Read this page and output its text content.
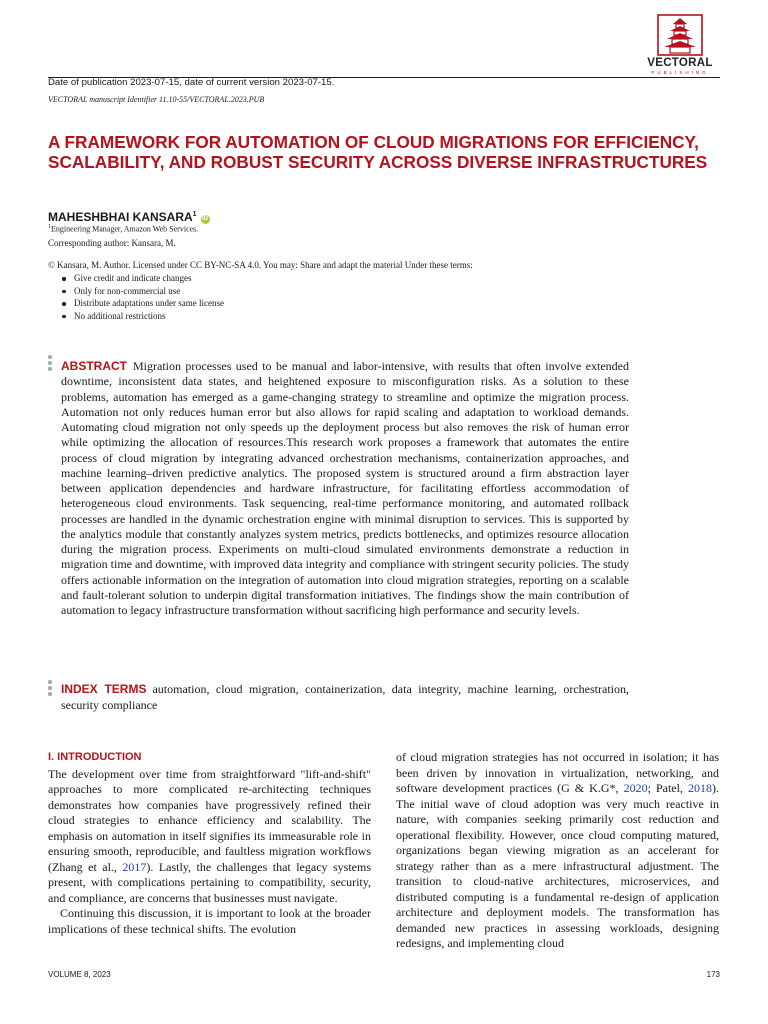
VECTORAL
PUBLISHING
Date of publication 2023-07-15, date of current version 2023-07-15.
VECTORAL manuscript Identifier 11.10-55/VECTORAL.2023.PUB
A FRAMEWORK FOR AUTOMATION OF CLOUD MIGRATIONS FOR EFFICIENCY, SCALABILITY, AND ROBUST SECURITY ACROSS DIVERSE INFRASTRUCTURES
MAHESHBHAI KANSARA$^1$iD
$^1$Engineering Manager, Amazon Web Services.
Corresponding author: Kansara, M.
© Kansara, M. Author. Licensed under CC BY-NC-SA 4.0. You may: Share and adapt the material Under these terms:
Give credit and indicate changes
Only for non-commercial use
Distribute adaptations under same license
No additional restrictions
ABSTRACT Migration processes used to be manual and labor-intensive, with results that often involve extended downtime, inconsistent data states, and heightened exposure to misconfiguration risks. As a solution to these problems, automation has emerged as a game-changing strategy to streamline and optimize the migration process. Automation not only reduces human error but also allows for rapid scaling and adaptation to workload demands. Automating cloud migration not only speeds up the deployment process but also removes the risk of human error while optimizing the allocation of resources.This research work proposes a framework that automates the entire process of cloud migration by integrating advanced orchestration mechanisms, containerization approaches, and machine learning–driven predictive analytics. The proposed system is structured around a firm abstraction layer between application dependencies and hardware infrastructure, for facilitating effortless accommodation of heterogeneous cloud environments. Task sequencing, real-time performance monitoring, and automated rollback processes are handled in the dynamic orchestration engine with minimal disruption to services. This is supported by the analytics module that constantly analyzes system metrics, predicts bottlenecks, and optimizes resource allocation during the migration process. Experiments on multi-cloud simulated environments demonstrate a reduction in migration time and downtime, with improved data integrity and compliance with stringent security policies. The study offers actionable information on the integration of automation into cloud migration strategies, reporting on a scalable and fault-tolerant solution to underpin digital transformation initiatives. The findings show the main contribution of automation to legacy infrastructure transformation without sacrificing high performance and security levels.
INDEX TERMS automation, cloud migration, containerization, data integrity, machine learning, orchestration, security compliance
I. INTRODUCTION

The development over time from straightforward "lift-and-shift" approaches to more complicated re-architecting techniques demonstrates how companies have progressively refined their cloud strategies to enhance efficiency and scalability. The emphasis on automation in itself signifies its immeasurable role in ensuring smooth, reproducible, and faultless migration workflows (Zhang et al., 2017). Lastly, the challenges that legacy systems present, with complications pertaining to compatibility, security, and compliance, are concerns that businesses must navigate.

Continuing this discussion, it is important to look at the broader implications of these technical shifts. The evolution

of cloud migration strategies has not occurred in isolation; it has been driven by innovation in virtualization, networking, and software development practices (G & K.G*, 2020; Patel, 2018). The initial wave of cloud adoption was very much reactive in nature, with companies seeking primarily cost reduction and operational flexibility. However, once cloud computing matured, organizations began viewing migration as an accelerant for strategy rather than as a mere infrastructural adjustment. The transition to cloud-native architectures, microservices, and distributed computing is a fundamental re-design of application architecture and deployment models. The transformation has demanded new practices in assessing workloads, designing redesigns, and implementing cloud

VOLUME 8, 2023	173
